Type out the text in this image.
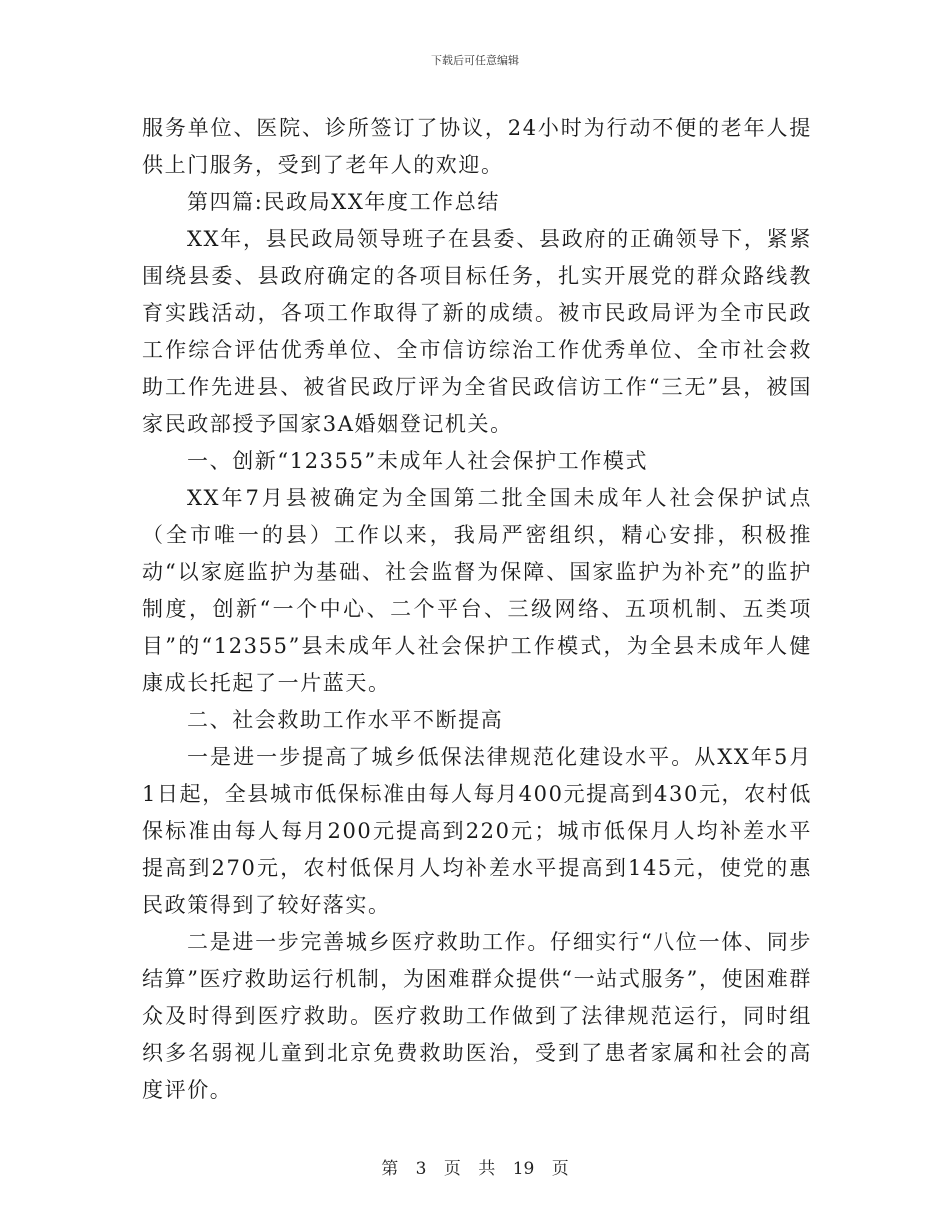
下载后可任意编辑

服务单位、医院、诊所签订了协议，24小时为行动不便的老年人提供上门服务，受到了老年人的欢迎。

第四篇:民政局XX年度工作总结

XX年，县民政局领导班子在县委、县政府的正确领导下，紧紧围绕县委、县政府确定的各项目标任务，扎实开展党的群众路线教育实践活动，各项工作取得了新的成绩。被市民政局评为全市民政工作综合评估优秀单位、全市信访综治工作优秀单位、全市社会救助工作先进县、被省民政厅评为全省民政信访工作“三无”县，被国家民政部授予国家3A婚姻登记机关。

一、创新“12355”未成年人社会保护工作模式

XX年7月县被确定为全国第二批全国未成年人社会保护试点（全市唯一的县）工作以来，我局严密组织，精心安排，积极推动“以家庭监护为基础、社会监督为保障、国家监护为补充”的监护制度，创新“一个中心、二个平台、三级网络、五项机制、五类项目”的“12355”县未成年人社会保护工作模式，为全县未成年人健康成长托起了一片蓝天。

二、社会救助工作水平不断提高

一是进一步提高了城乡低保法律规范化建设水平。从XX年5月1日起，全县城市低保标准由每人每月400元提高到430元，农村低保标准由每人每月200元提高到220元；城市低保月人均补差水平提高到270元，农村低保月人均补差水平提高到145元，使党的惠民政策得到了较好落实。

二是进一步完善城乡医疗救助工作。仔细实行“八位一体、同步结算”医疗救助运行机制，为困难群众提供“一站式服务”，使困难群众及时得到医疗救助。医疗救助工作做到了法律规范运行，同时组织多名弱视儿童到北京免费救助医治，受到了患者家属和社会的高度评价。

第 3 页 共 19 页
